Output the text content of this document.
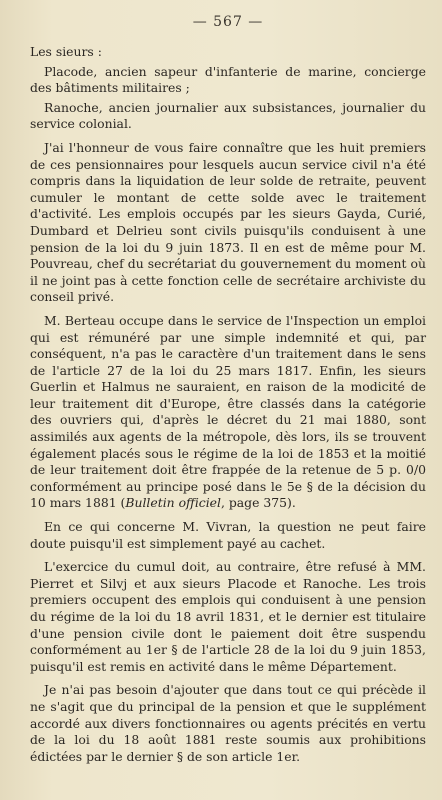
— 567 —

Les sieurs :

Placode, ancien sapeur d'infanterie de marine, concierge des bâtiments militaires ;

Ranoche, ancien journalier aux subsistances, journalier du service colonial.

J'ai l'honneur de vous faire connaître que les huit premiers de ces pensionnaires pour lesquels aucun service civil n'a été compris dans la liquidation de leur solde de retraite, peuvent cumuler le montant de cette solde avec le traitement d'activité. Les emplois occupés par les sieurs Gayda, Curié, Dumbard et Delrieu sont civils puisqu'ils conduisent à une pension de la loi du 9 juin 1873. Il en est de même pour M. Pouvreau, chef du secrétariat du gouvernement du moment où il ne joint pas à cette fonction celle de secrétaire archiviste du conseil privé.

M. Berteau occupe dans le service de l'Inspection un emploi qui est rémunéré par une simple indemnité et qui, par conséquent, n'a pas le caractère d'un traitement dans le sens de l'article 27 de la loi du 25 mars 1817. Enfin, les sieurs Guerlin et Halmus ne sauraient, en raison de la modicité de leur traitement dit d'Europe, être classés dans la catégorie des ouvriers qui, d'après le décret du 21 mai 1880, sont assimilés aux agents de la métropole, dès lors, ils se trouvent également placés sous le régime de la loi de 1853 et la moitié de leur traitement doit être frappée de la retenue de 5 p. 0/0 conformément au principe posé dans le 5e § de la décision du 10 mars 1881 (Bulletin officiel, page 375).

En ce qui concerne M. Vivran, la question ne peut faire doute puisqu'il est simplement payé au cachet.

L'exercice du cumul doit, au contraire, être refusé à MM. Pierret et Silvj et aux sieurs Placode et Ranoche. Les trois premiers occupent des emplois qui conduisent à une pension du régime de la loi du 18 avril 1831, et le dernier est titulaire d'une pension civile dont le paiement doit être suspendu conformément au 1er § de l'article 28 de la loi du 9 juin 1853, puisqu'il est remis en activité dans le même Département.

Je n'ai pas besoin d'ajouter que dans tout ce qui précède il ne s'agit que du principal de la pension et que le supplément accordé aux divers fonctionnaires ou agents précités en vertu de la loi du 18 août 1881 reste soumis aux prohibitions édictées par le dernier § de son article 1er.
